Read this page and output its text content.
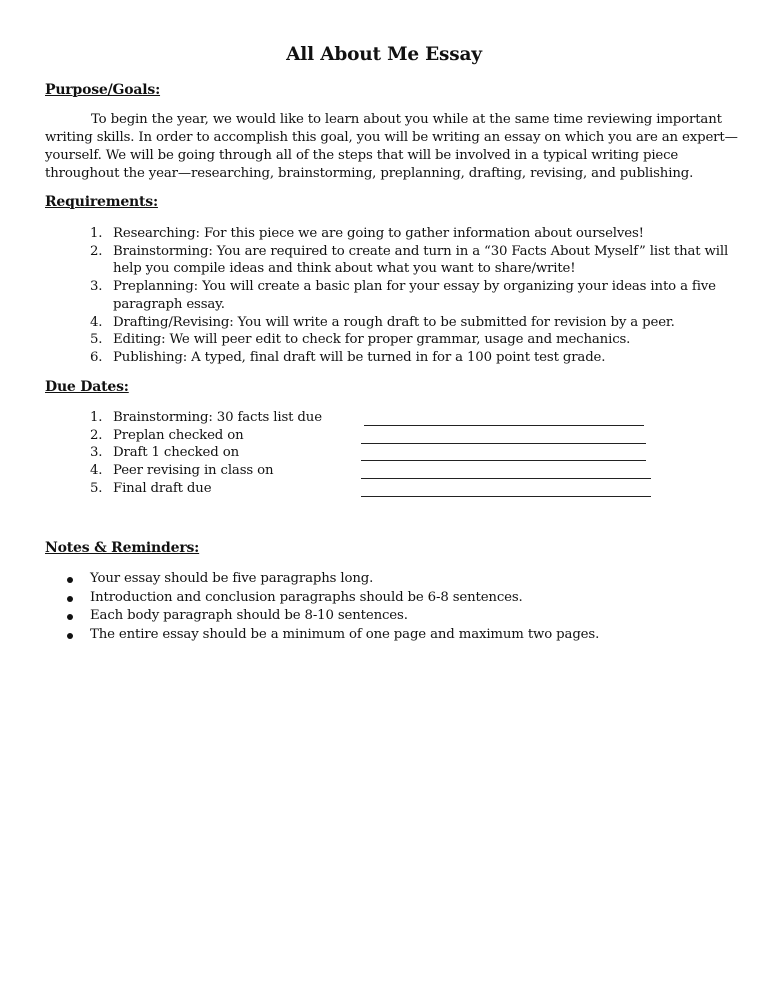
All About Me Essay
Purpose/Goals:
To begin the year, we would like to learn about you while at the same time reviewing important
writing skills. In order to accomplish this goal, you will be writing an essay on which you are an expert—
yourself. We will be going through all of the steps that will be involved in a typical writing piece
throughout the year—researching, brainstorming, preplanning, drafting, revising, and publishing.
Requirements:
1. Researching: For this piece we are going to gather information about ourselves!
2. Brainstorming: You are required to create and turn in a “30 Facts About Myself” list that will
help you compile ideas and think about what you want to share/write!
3. Preplanning: You will create a basic plan for your essay by organizing your ideas into a five
paragraph essay.
4. Drafting/Revising: You will write a rough draft to be submitted for revision by a peer.
5. Editing: We will peer edit to check for proper grammar, usage and mechanics.
6. Publishing: A typed, final draft will be turned in for a 100 point test grade.
Due Dates:
1. Brainstorming: 30 facts list due
2. Preplan checked on
3. Draft 1 checked on
4. Peer revising in class on
5. Final draft due
Notes & Reminders:
Your essay should be five paragraphs long.
Introduction and conclusion paragraphs should be 6-8 sentences.
Each body paragraph should be 8-10 sentences.
The entire essay should be a minimum of one page and maximum two pages.
